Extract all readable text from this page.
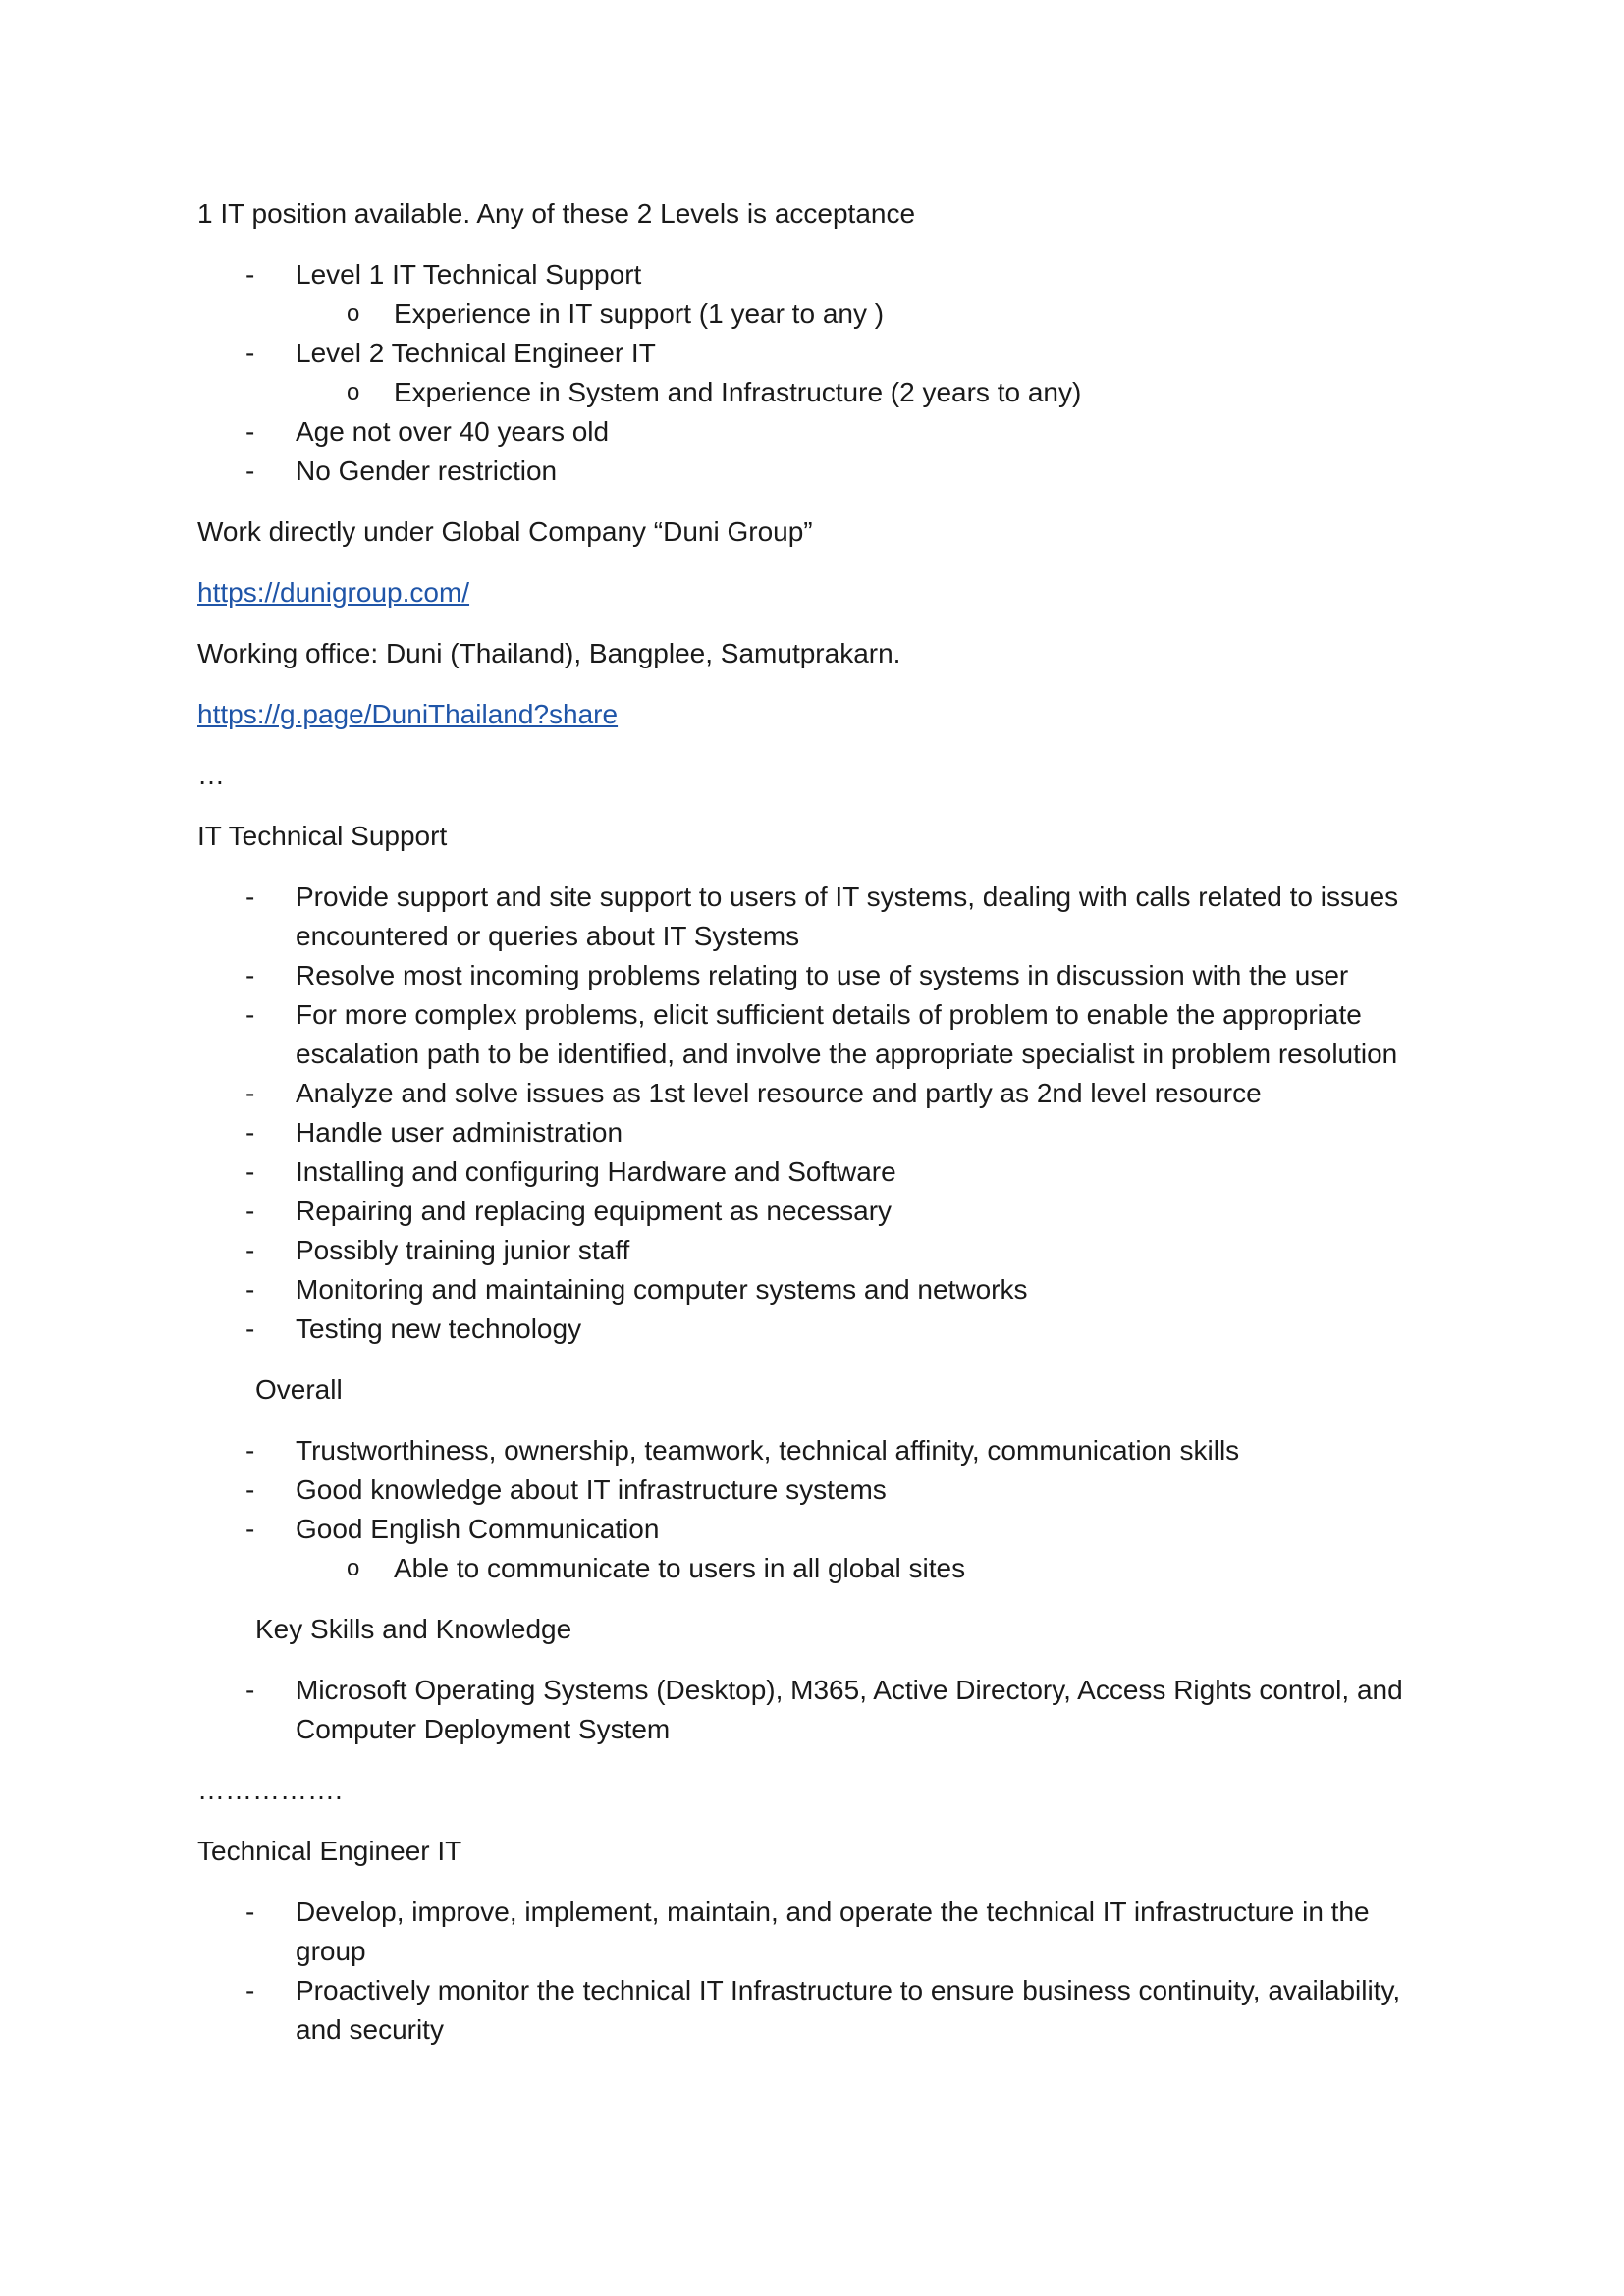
1 IT position available. Any of these 2 Levels is acceptance

- Level 1 IT Technical Support
o Experience in IT support (1 year to any )
- Level 2 Technical Engineer IT
o Experience in System and Infrastructure (2 years to any)
- Age not over 40 years old
- No Gender restriction

Work directly under Global Company “Duni Group”

https://dunigroup.com/

Working office: Duni (Thailand), Bangplee, Samutprakarn.

https://g.page/DuniThailand?share

…

IT Technical Support

- Provide support and site support to users of IT systems, dealing with calls related to issues encountered or queries about IT Systems
- Resolve most incoming problems relating to use of systems in discussion with the user
- For more complex problems, elicit sufficient details of problem to enable the appropriate escalation path to be identified, and involve the appropriate specialist in problem resolution
- Analyze and solve issues as 1st level resource and partly as 2nd level resource
- Handle user administration
- Installing and configuring Hardware and Software
- Repairing and replacing equipment as necessary
- Possibly training junior staff
- Monitoring and maintaining computer systems and networks
- Testing new technology

Overall

- Trustworthiness, ownership, teamwork, technical affinity, communication skills
- Good knowledge about IT infrastructure systems
- Good English Communication
o Able to communicate to users in all global sites

Key Skills and Knowledge

- Microsoft Operating Systems (Desktop), M365, Active Directory, Access Rights control, and Computer Deployment System

…………….

Technical Engineer IT

- Develop, improve, implement, maintain, and operate the technical IT infrastructure in the group
- Proactively monitor the technical IT Infrastructure to ensure business continuity, availability, and security
